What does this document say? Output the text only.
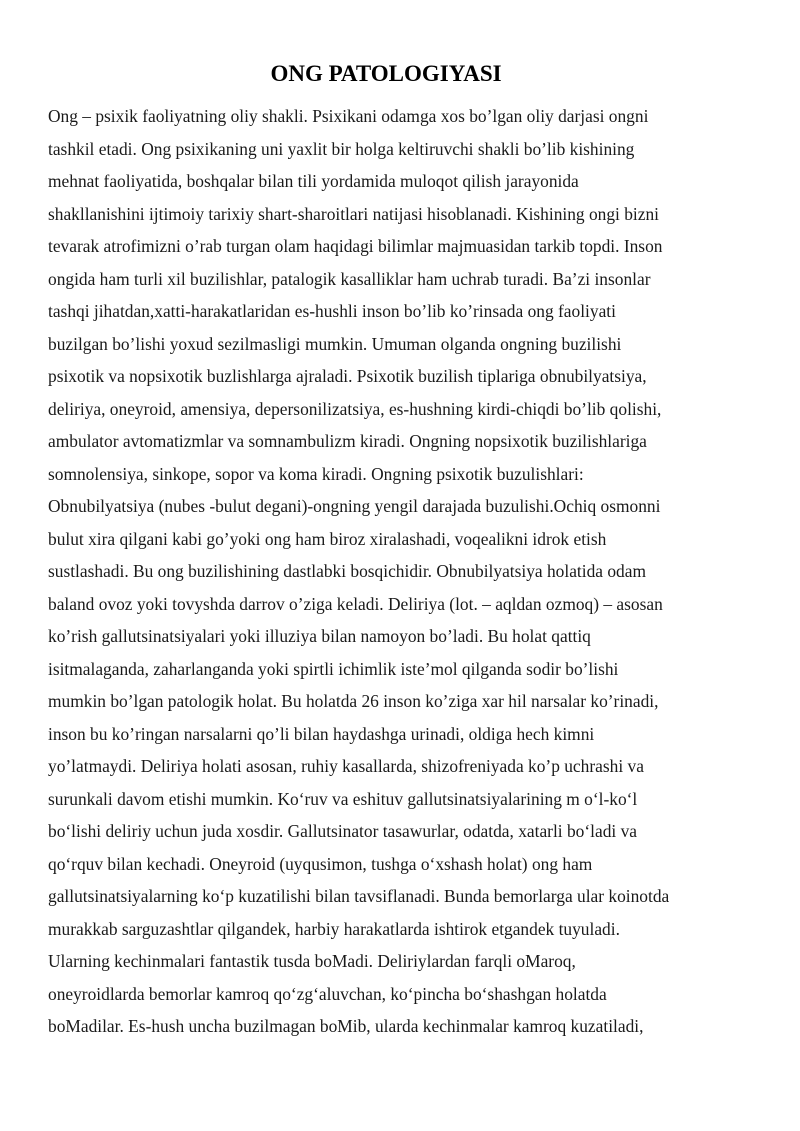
ONG PATOLOGIYASI
Ong – psixik faoliyatning oliy shakli. Psixikani odamga xos bo’lgan oliy darjasi ongni
tashkil etadi. Ong psixikaning uni yaxlit bir holga keltiruvchi shakli bo’lib kishining
mehnat faoliyatida, boshqalar bilan tili yordamida muloqot qilish jarayonida
shakllanishini ijtimoiy tarixiy shart-sharoitlari natijasi hisoblanadi. Kishining ongi bizni
tevarak atrofimizni o’rab turgan olam haqidagi bilimlar majmuasidan tarkib topdi. Inson
ongida ham turli xil buzilishlar, patalogik kasalliklar ham uchrab turadi. Ba’zi insonlar
tashqi jihatdan,xatti-harakatlaridan es-hushli inson bo’lib ko’rinsada ong faoliyati
buzilgan bo’lishi yoxud sezilmasligi mumkin. Umuman olganda ongning buzilishi
psixotik va nopsixotik buzlishlarga ajraladi. Psixotik buzilish tiplariga obnubilyatsiya,
deliriya, oneyroid, amensiya, depersonilizatsiya, es-hushning kirdi-chiqdi bo’lib qolishi,
ambulator avtomatizmlar va somnambulizm kiradi. Ongning nopsixotik buzilishlariga
somnolensiya, sinkope, sopor va koma kiradi. Ongning psixotik buzulishlari:
Obnubilyatsiya (nubes -bulut degani)-ongning yengil darajada buzulishi.Ochiq osmonni
bulut xira qilgani kabi go’yoki ong ham biroz xiralashadi, voqealikni idrok etish
sustlashadi. Bu ong buzilishining dastlabki bosqichidir. Obnubilyatsiya holatida odam
baland ovoz yoki tovyshda darrov o’ziga keladi. Deliriya (lot. – aqldan ozmoq) – asosan
ko’rish gallutsinatsiyalari yoki illuziya bilan namoyon bo’ladi. Bu holat qattiq
isitmalaganda, zaharlanganda yoki spirtli ichimlik iste’mol qilganda sodir bo’lishi
mumkin bo’lgan patologik holat. Bu holatda 26 inson ko’ziga xar hil narsalar ko’rinadi,
inson bu ko’ringan narsalarni qo’li bilan haydashga urinadi, oldiga hech kimni
yo’latmaydi. Deliriya holati asosan, ruhiy kasallarda, shizofreniyada ko’p uchrashi va
surunkali davom etishi mumkin. Ko‘ruv va eshituv gallutsinatsiyalarining m o‘l-ko‘l
bo‘lishi deliriy uchun juda xosdir. Gallutsinator tasawurlar, odatda, xatarli bo‘ladi va
qo‘rquv bilan kechadi. Oneyroid (uyqusimon, tushga o‘xshash holat) ong ham
gallutsinatsiyalarning ko‘p kuzatilishi bilan tavsiflanadi. Bunda bemorlarga ular koinotda
murakkab sarguzashtlar qilgandek, harbiy harakatlarda ishtirok etgandek tuyuladi.
Ularning kechinmalari fantastik tusda boMadi. Deliriylardan farqli oMaroq,
oneyroidlarda bemorlar kamroq qo‘zg‘aluvchan, ko‘pincha bo‘shashgan holatda
boMadilar. Es-hush uncha buzilmagan boMib, ularda kechinmalar kamroq kuzatiladi,
